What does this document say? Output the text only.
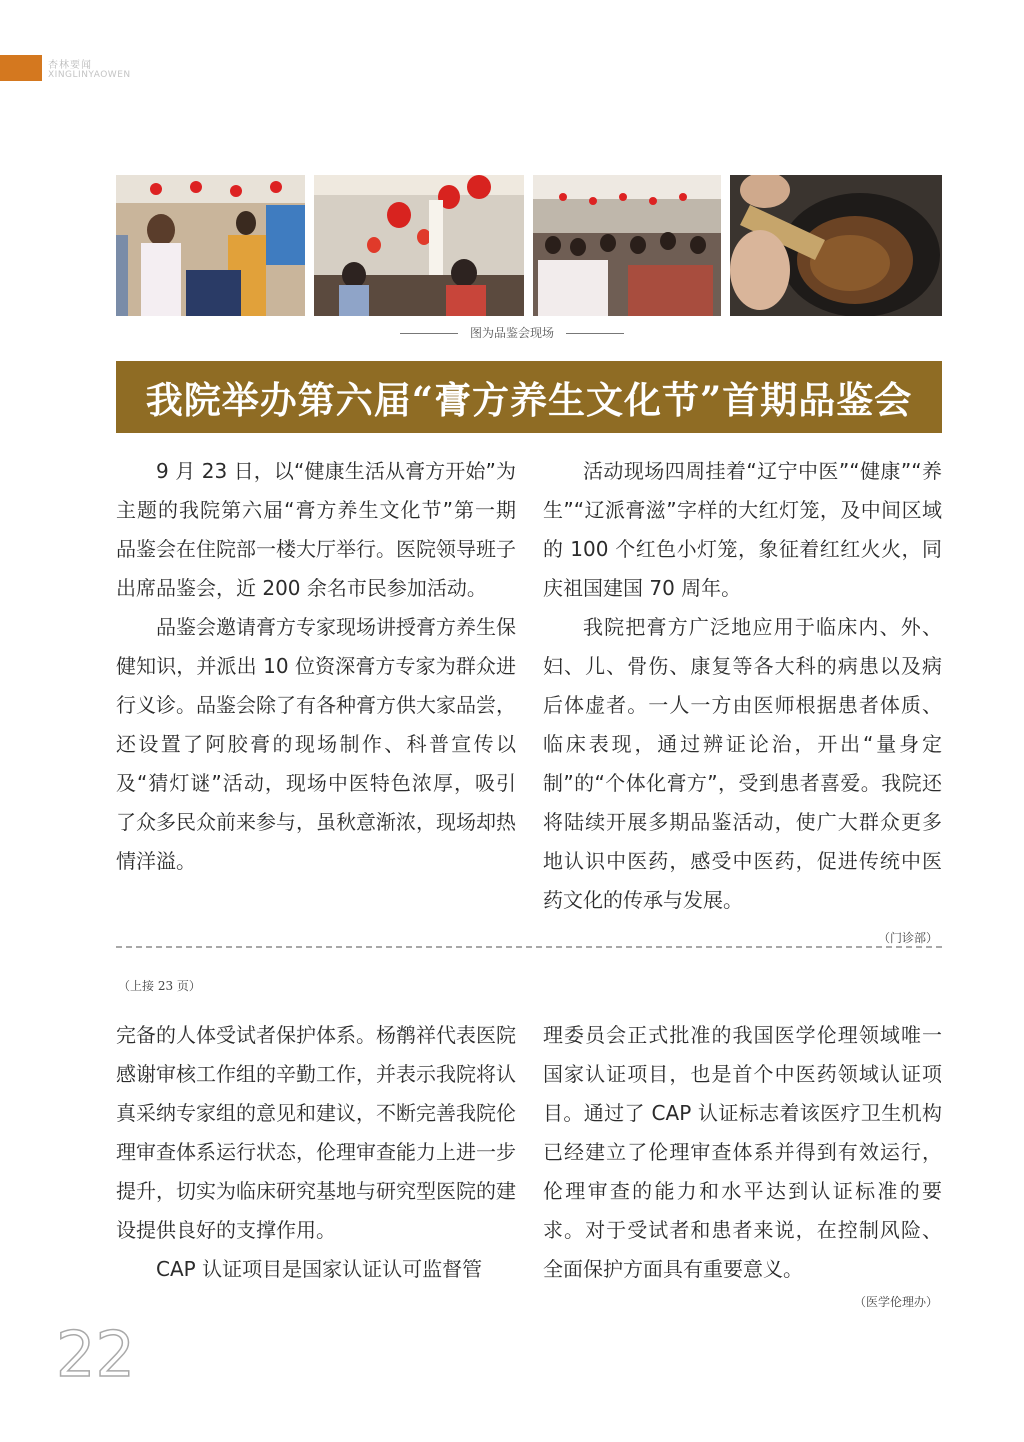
杏林要闻
XINGLINYAOWEN
图为品鉴会现场
我院举办第六届“膏方养生文化节”首期品鉴会

9 月 23 日，以“健康生活从膏方开始”为主题的我院第六届“膏方养生文化节”第一期品鉴会在住院部一楼大厅举行。医院领导班子出席品鉴会，近 200 余名市民参加活动。

品鉴会邀请膏方专家现场讲授膏方养生保健知识，并派出 10 位资深膏方专家为群众进行义诊。品鉴会除了有各种膏方供大家品尝，还设置了阿胶膏的现场制作、科普宣传以及“猜灯谜”活动，现场中医特色浓厚，吸引了众多民众前来参与，虽秋意渐浓，现场却热情洋溢。

活动现场四周挂着“辽宁中医”“健康”“养生”“辽派膏滋”字样的大红灯笼，及中间区域的 100 个红色小灯笼，象征着红红火火，同庆祖国建国 70 周年。

我院把膏方广泛地应用于临床内、外、妇、儿、骨伤、康复等各大科的病患以及病后体虚者。一人一方由医师根据患者体质、临床表现，通过辨证论治，开出“量身定制”的“个体化膏方”，受到患者喜爱。我院还将陆续开展多期品鉴活动，使广大群众更多地认识中医药，感受中医药，促进传统中医药文化的传承与发展。

（门诊部）
（上接 23 页）

完备的人体受试者保护体系。杨鹡祥代表医院感谢审核工作组的辛勤工作，并表示我院将认真采纳专家组的意见和建议，不断完善我院伦理审查体系运行状态，伦理审查能力上进一步提升，切实为临床研究基地与研究型医院的建设提供良好的支撑作用。

CAP 认证项目是国家认证认可监督管

理委员会正式批准的我国医学伦理领域唯一国家认证项目，也是首个中医药领域认证项目。通过了 CAP 认证标志着该医疗卫生机构已经建立了伦理审查体系并得到有效运行，伦理审查的能力和水平达到认证标准的要求。对于受试者和患者来说，在控制风险、全面保护方面具有重要意义。

（医学伦理办）
22
